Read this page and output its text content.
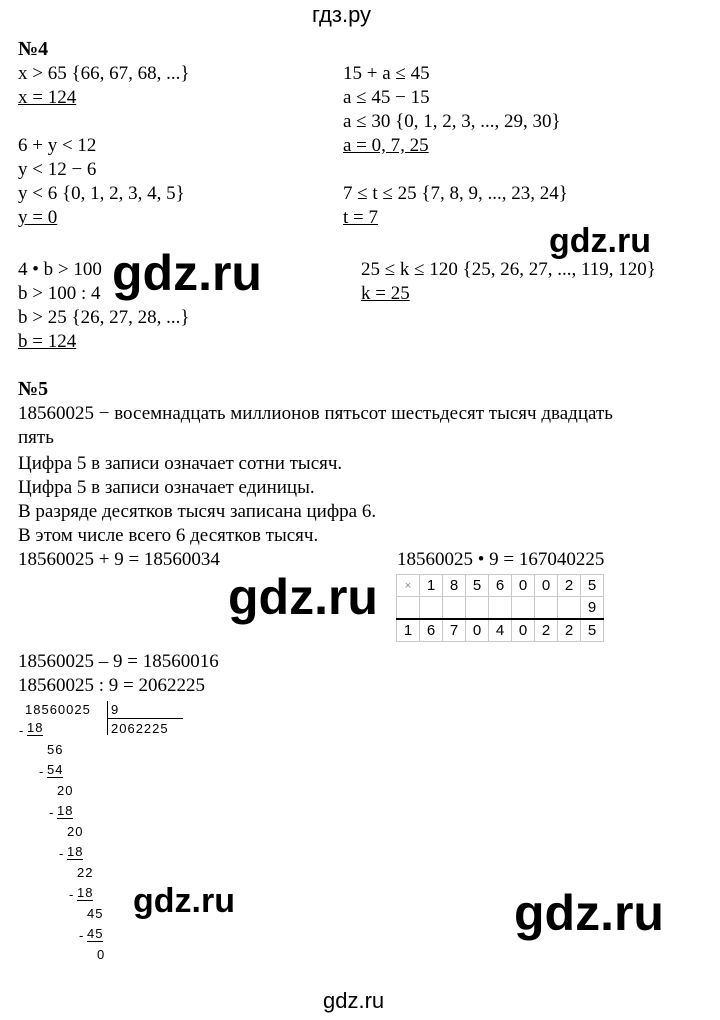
гдз.ру
№4
x > 65 {66, 67, 68, ...}
x = 124
6 + y < 12
y < 12 − 6
y < 6 {0, 1, 2, 3, 4, 5}
y = 0
4 • b > 100
b > 100 : 4
b > 25 {26, 27, 28, ...}
b = 124
15 + a ≤ 45
a ≤ 45 − 15
a ≤ 30 {0, 1, 2, 3, ..., 29, 30}
a = 0, 7, 25
7 ≤ t ≤ 25 {7, 8, 9, ..., 23, 24}
t = 7
25 ≤ k ≤ 120 {25, 26, 27, ..., 119, 120}
k = 25
gdz.ru
gdz.ru
gdz.ru
gdz.ru	gdz.ru
№5
18560025 − восемнадцать миллионов пятьсот шестьдесят тысяч двадцать
пять
Цифра 5 в записи означает сотни тысяч.
Цифра 5 в записи означает единицы.
В разряде десятков тысяч записана цифра 6.
В этом числе всего 6 десятков тысяч.
18560025 + 9 = 18560034	18560025 • 9 = 167040225
×	1	8	5	6	0	0	2	5
								9
1	6	7	0	4	0	2	2	5
18560025 – 9 = 18560016
18560025 : 9 = 2062225
18560025 9
2062225
- 18
56
- 54
20
- 18
20
- 18
22
- 18
45
- 45
0
gdz.ru
